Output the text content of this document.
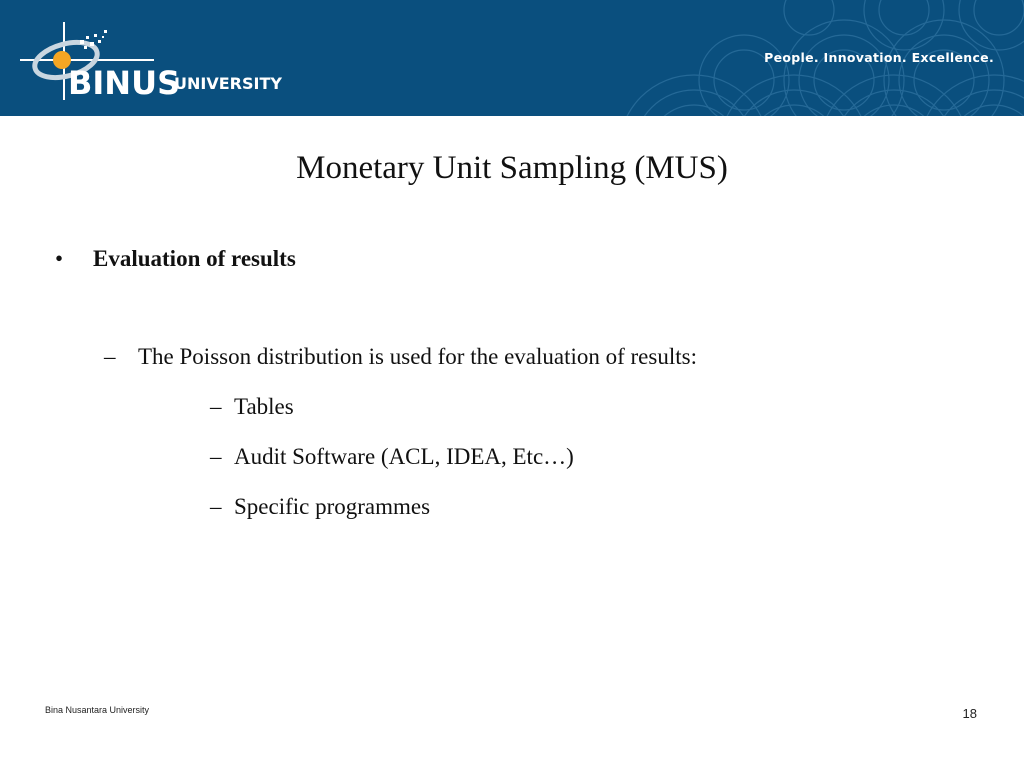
BINUS
UNIVERSITY
People. Innovation. Excellence.
Monetary Unit Sampling (MUS)
• Evaluation of results
– The Poisson distribution is used for the evaluation of results:
– Tables
– Audit Software (ACL, IDEA, Etc…)
– Specific programmes
Bina Nusantara University	18
